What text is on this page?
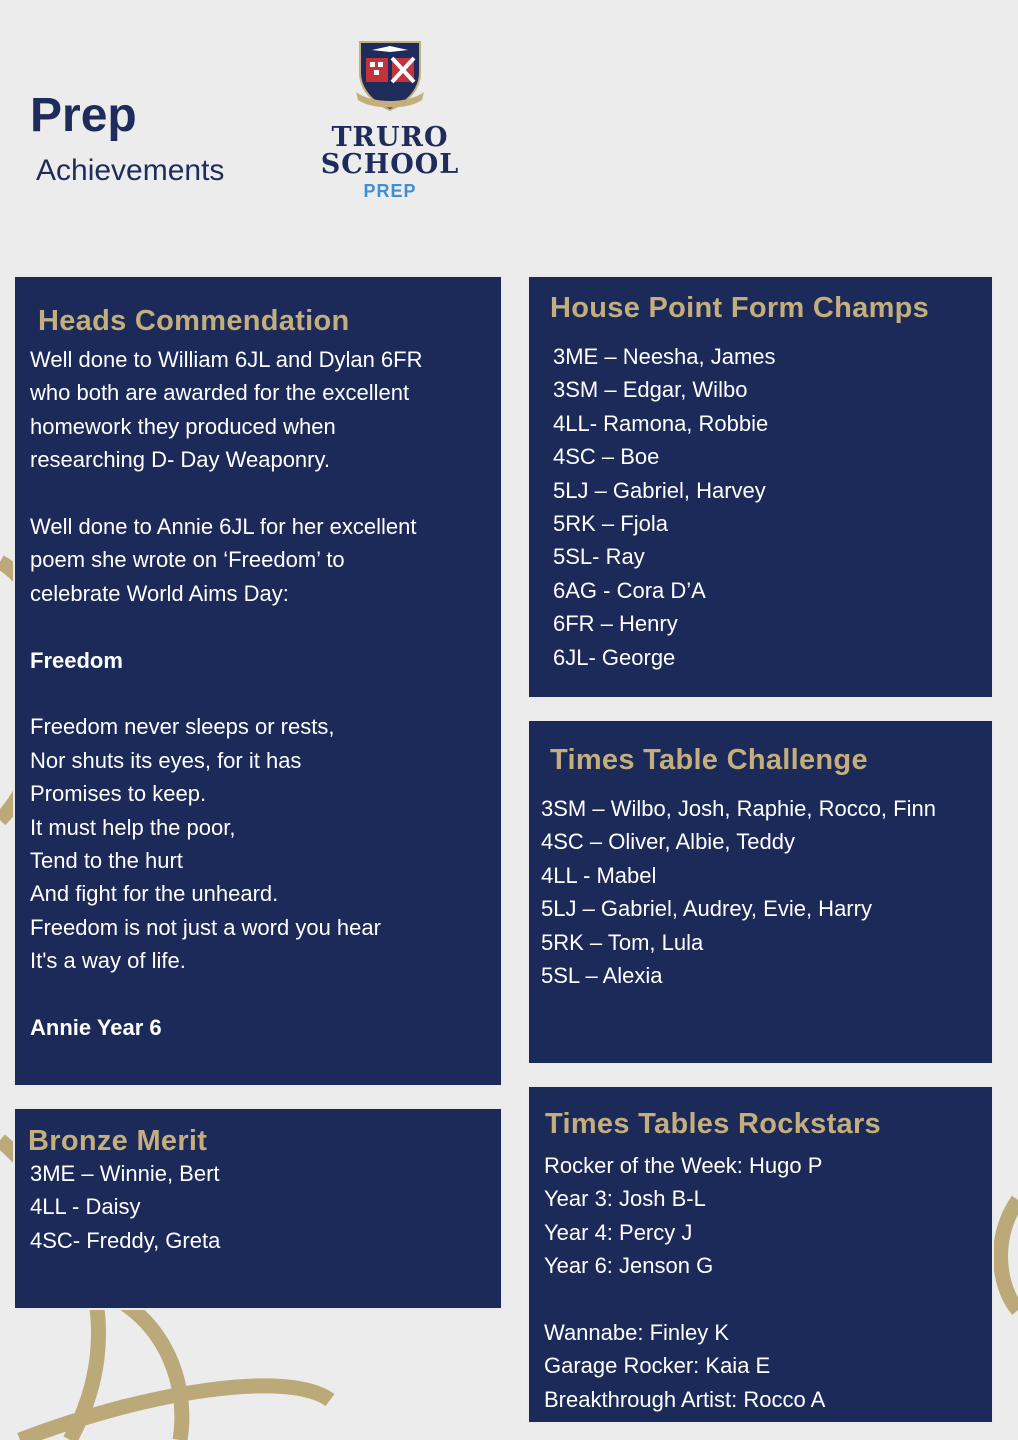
Prep
Achievements
TRURO
SCHOOL
PREP
Heads Commendation
Well done to William 6JL and Dylan 6FR
who both are awarded for the excellent
homework they produced when
researching D- Day Weaponry.
Well done to Annie 6JL for her excellent
poem she wrote on ‘Freedom’ to
celebrate World Aims Day:
Freedom
Freedom never sleeps or rests,
Nor shuts its eyes, for it has
Promises to keep.
It must help the poor,
Tend to the hurt
And fight for the unheard.
Freedom is not just a word you hear
It's a way of life.
Annie Year 6
Bronze Merit
3ME – Winnie, Bert
4LL - Daisy
4SC- Freddy, Greta
House Point Form Champs
3ME – Neesha, James
3SM – Edgar, Wilbo
4LL- Ramona, Robbie
4SC – Boe
5LJ – Gabriel, Harvey
5RK – Fjola
5SL- Ray
6AG - Cora D’A
6FR – Henry
6JL- George
Times Table Challenge
3SM – Wilbo, Josh, Raphie, Rocco, Finn
4SC – Oliver, Albie, Teddy
4LL - Mabel
5LJ – Gabriel, Audrey, Evie, Harry
5RK – Tom, Lula
5SL – Alexia
Times Tables Rockstars
Rocker of the Week: Hugo P
Year 3: Josh B-L
Year 4: Percy J
Year 6: Jenson G
Wannabe: Finley K
Garage Rocker: Kaia E
Breakthrough Artist: Rocco A
